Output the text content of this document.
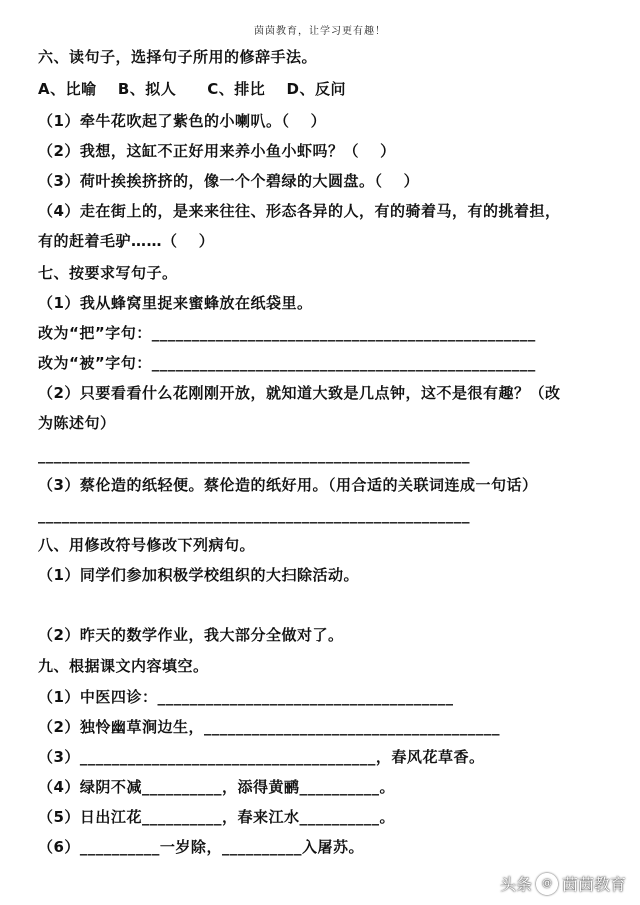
茵茵教育，让学习更有趣！
六、读句子，选择句子所用的修辞手法。
A、比喻　 B、拟人　　C、排比　 D、反问
（1）牵牛花吹起了紫色的小喇叭。（　 ）
（2）我想，这缸不正好用来养小鱼小虾吗？（　 ）
（3）荷叶挨挨挤挤的，像一个个碧绿的大圆盘。（　 ）
（4）走在街上的，是来来往往、形态各异的人，有的骑着马，有的挑着担，
有的赶着毛驴……（　 ）
七、按要求写句子。
（1）我从蜂窝里捉来蜜蜂放在纸袋里。
改为“把”字句：________________________________________________
改为“被”字句：________________________________________________
（2）只要看看什么花刚刚开放，就知道大致是几点钟，这不是很有趣？（改
为陈述句）
______________________________________________________
（3）蔡伦造的纸轻便。蔡伦造的纸好用。（用合适的关联词连成一句话）
______________________________________________________
八、用修改符号修改下列病句。
（1）同学们参加积极学校组织的大扫除活动。
（2）昨天的数学作业，我大部分全做对了。
九、根据课文内容填空。
（1）中医四诊：_____________________________________
（2）独怜幽草涧边生，_____________________________________
（3）_____________________________________，春风花草香。
（4）绿阴不减__________，添得黄鹂__________。
（5）日出江花__________，春来江水__________。
（6）__________一岁除，__________入屠苏。
头条	@ 茵茵教育
